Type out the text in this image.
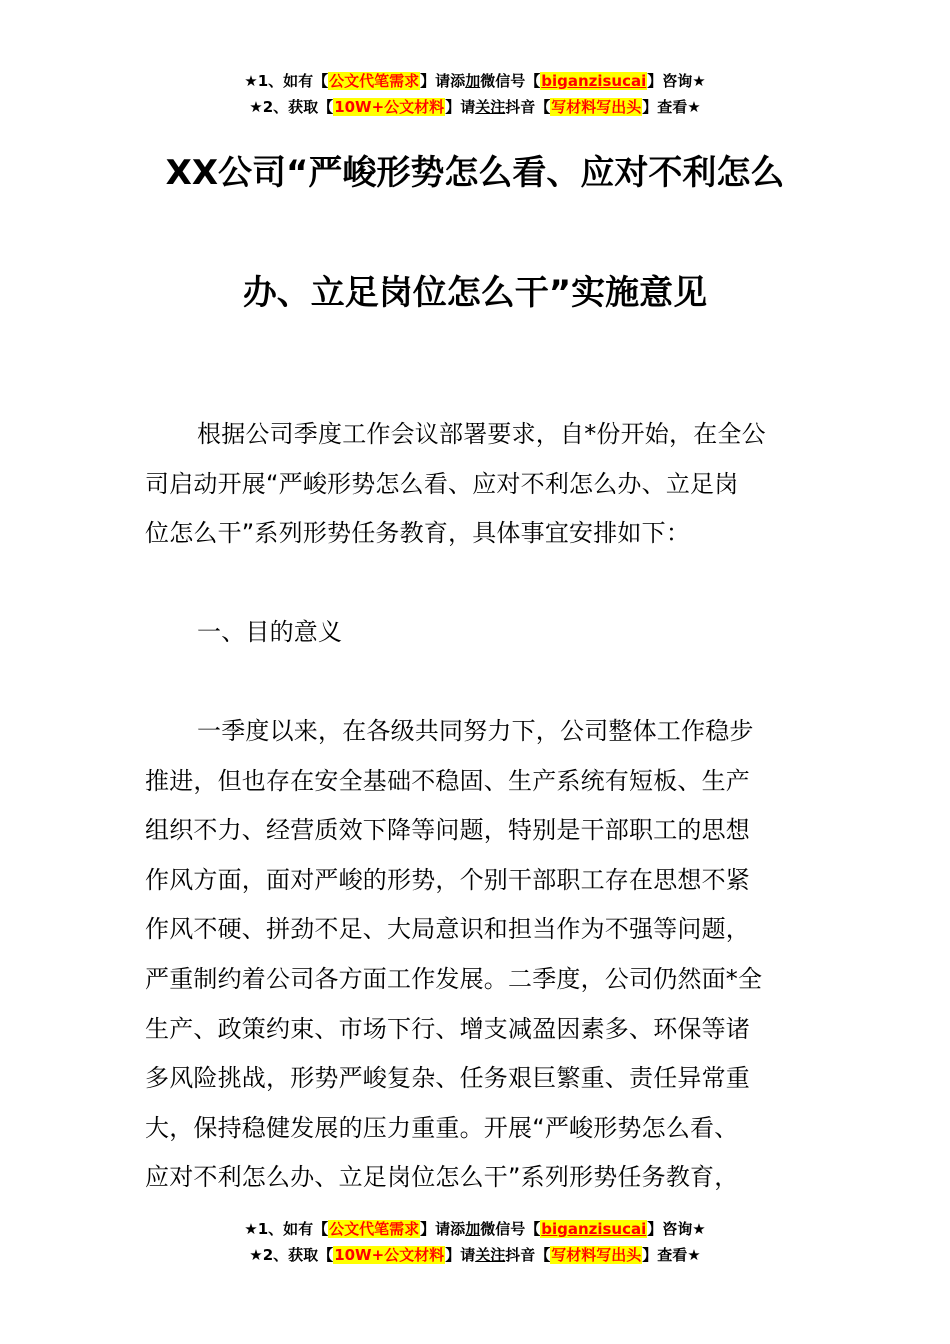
★1、如有【公文代笔需求】请添加微信号【biganzisucai】咨询★
★2、获取【10W+公文材料】请关注抖音【写材料写出头】查看★
XX公司“严峻形势怎么看、应对不利怎么
办、立足岗位怎么干”实施意见

根据公司季度工作会议部署要求，自*份开始，在全公
司启动开展“严峻形势怎么看、应对不利怎么办、立足岗
位怎么干”系列形势任务教育，具体事宜安排如下：

一、目的意义

一季度以来，在各级共同努力下，公司整体工作稳步
推进，但也存在安全基础不稳固、生产系统有短板、生产
组织不力、经营质效下降等问题，特别是干部职工的思想
作风方面，面对严峻的形势，个别干部职工存在思想不紧
作风不硬、拼劲不足、大局意识和担当作为不强等问题，
严重制约着公司各方面工作发展。二季度，公司仍然面*全
生产、政策约束、市场下行、增支减盈因素多、环保等诸
多风险挑战，形势严峻复杂、任务艰巨繁重、责任异常重
大，保持稳健发展的压力重重。开展“严峻形势怎么看、
应对不利怎么办、立足岗位怎么干”系列形势任务教育，

★1、如有【公文代笔需求】请添加微信号【biganzisucai】咨询★
★2、获取【10W+公文材料】请关注抖音【写材料写出头】查看★
